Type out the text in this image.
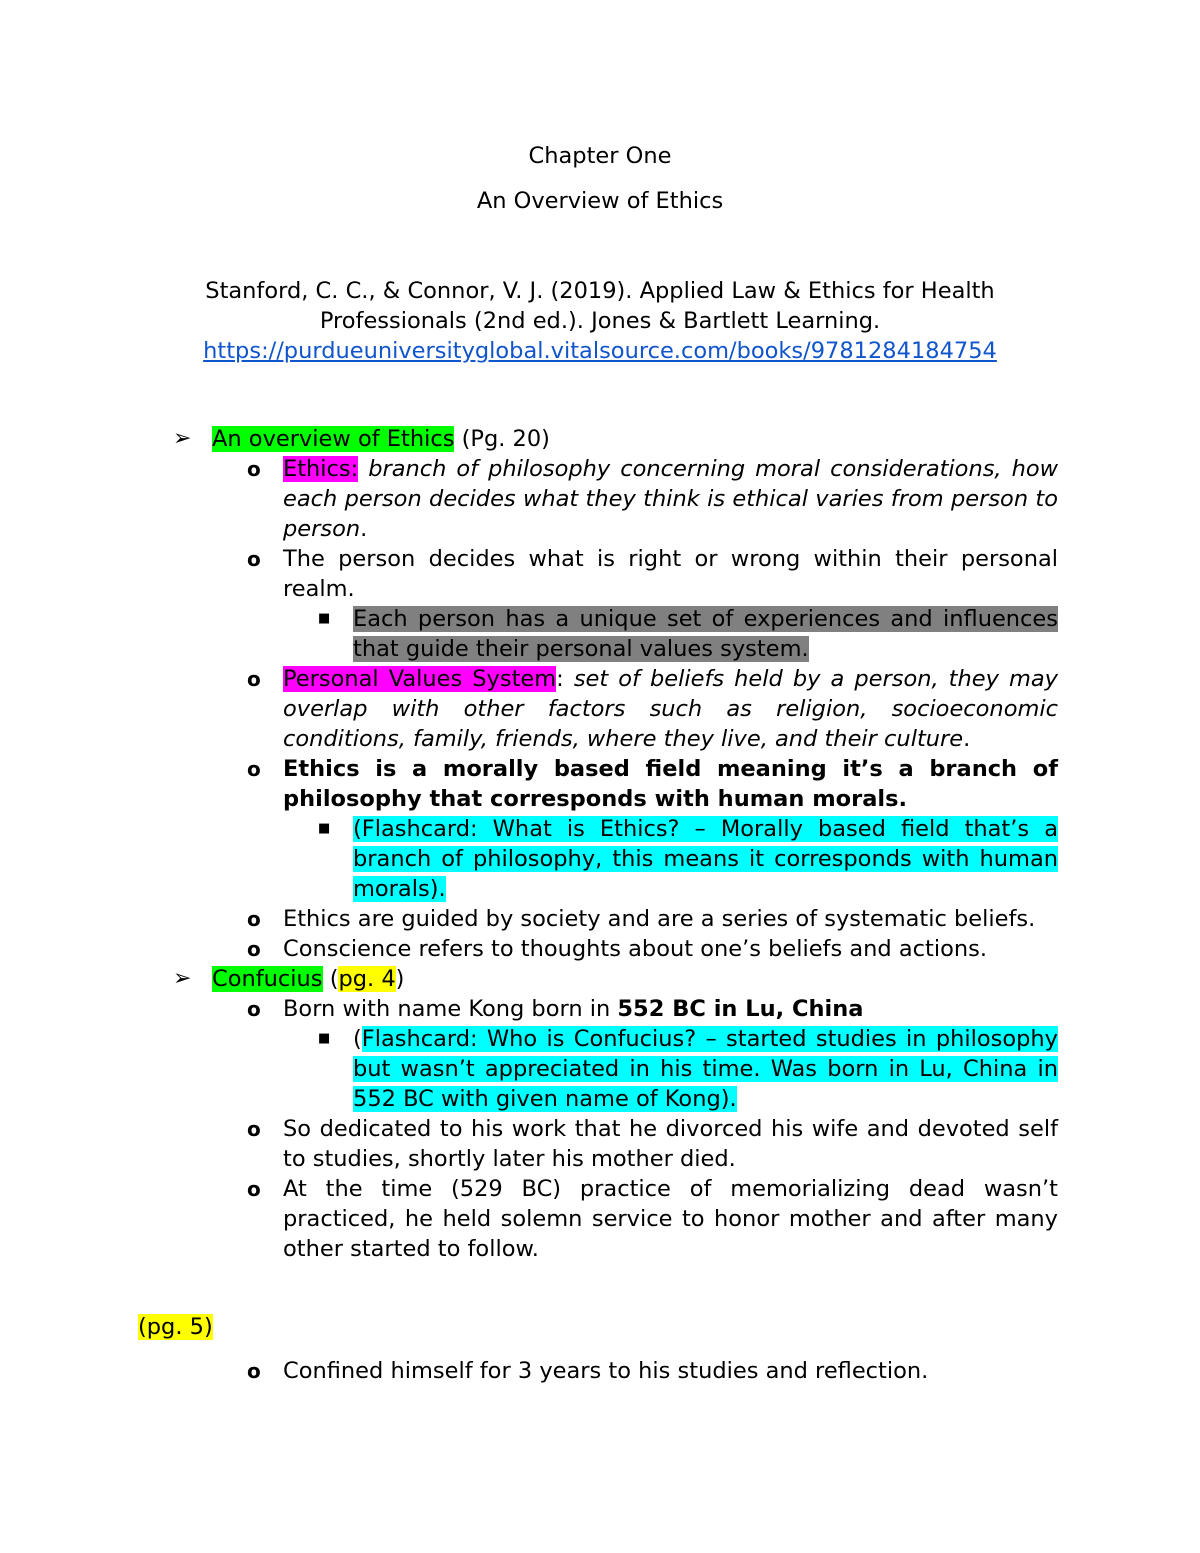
Chapter One
An Overview of Ethics
Stanford, C. C., & Connor, V. J. (2019). Applied Law & Ethics for Health Professionals (2nd ed.). Jones & Bartlett Learning.
https://purdueuniversityglobal.vitalsource.com/books/9781284184754
➢ An overview of Ethics (Pg. 20)
o Ethics: branch of philosophy concerning moral considerations, how each person decides what they think is ethical varies from person to person.
o The person decides what is right or wrong within their personal realm.
■ Each person has a unique set of experiences and influences that guide their personal values system.
o Personal Values System: set of beliefs held by a person, they may overlap with other factors such as religion, socioeconomic conditions, family, friends, where they live, and their culture.
o Ethics is a morally based field meaning it’s a branch of philosophy that corresponds with human morals.
■ (Flashcard: What is Ethics? – Morally based field that’s a branch of philosophy, this means it corresponds with human morals).
o Ethics are guided by society and are a series of systematic beliefs.
o Conscience refers to thoughts about one’s beliefs and actions.
➢ Confucius (pg. 4)
o Born with name Kong born in 552 BC in Lu, China
■ (Flashcard: Who is Confucius? – started studies in philosophy but wasn’t appreciated in his time. Was born in Lu, China in 552 BC with given name of Kong).
o So dedicated to his work that he divorced his wife and devoted self to studies, shortly later his mother died.
o At the time (529 BC) practice of memorializing dead wasn’t practiced, he held solemn service to honor mother and after many other started to follow.
(pg. 5)
o Confined himself for 3 years to his studies and reflection.
